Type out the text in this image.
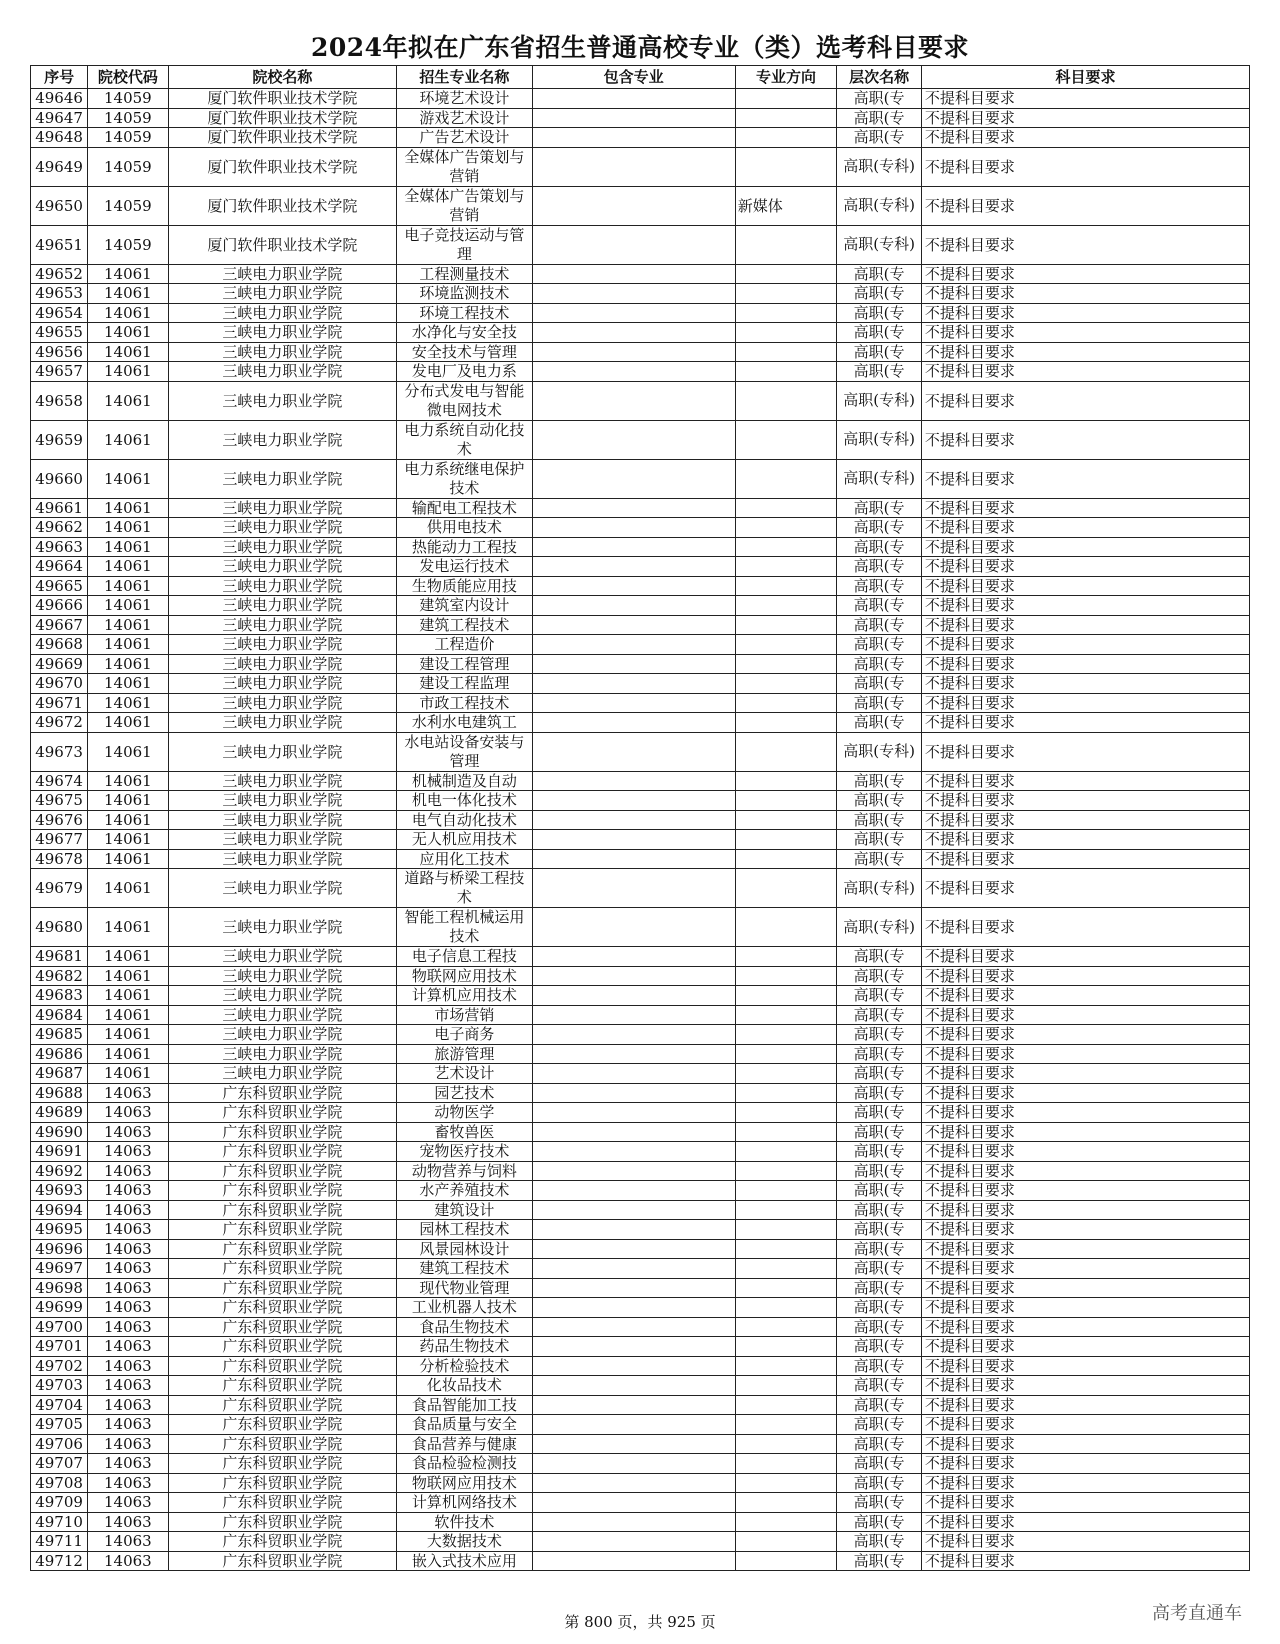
2024年拟在广东省招生普通高校专业（类）选考科目要求
序号	院校代码	院校名称	招生专业名称	包含专业	专业方向	层次名称	科目要求
49646	14059	厦门软件职业技术学院	环境艺术设计			高职(专	不提科目要求
49647	14059	厦门软件职业技术学院	游戏艺术设计			高职(专	不提科目要求
49648	14059	厦门软件职业技术学院	广告艺术设计			高职(专	不提科目要求
49649	14059	厦门软件职业技术学院	全媒体广告策划与营销			高职(专科)	不提科目要求
49650	14059	厦门软件职业技术学院	全媒体广告策划与营销		新媒体	高职(专科)	不提科目要求
49651	14059	厦门软件职业技术学院	电子竞技运动与管理			高职(专科)	不提科目要求
49652	14061	三峡电力职业学院	工程测量技术			高职(专	不提科目要求
49653	14061	三峡电力职业学院	环境监测技术			高职(专	不提科目要求
49654	14061	三峡电力职业学院	环境工程技术			高职(专	不提科目要求
49655	14061	三峡电力职业学院	水净化与安全技			高职(专	不提科目要求
49656	14061	三峡电力职业学院	安全技术与管理			高职(专	不提科目要求
49657	14061	三峡电力职业学院	发电厂及电力系			高职(专	不提科目要求
49658	14061	三峡电力职业学院	分布式发电与智能微电网技术			高职(专科)	不提科目要求
49659	14061	三峡电力职业学院	电力系统自动化技术			高职(专科)	不提科目要求
49660	14061	三峡电力职业学院	电力系统继电保护技术			高职(专科)	不提科目要求
49661	14061	三峡电力职业学院	输配电工程技术			高职(专	不提科目要求
49662	14061	三峡电力职业学院	供用电技术			高职(专	不提科目要求
49663	14061	三峡电力职业学院	热能动力工程技			高职(专	不提科目要求
49664	14061	三峡电力职业学院	发电运行技术			高职(专	不提科目要求
49665	14061	三峡电力职业学院	生物质能应用技			高职(专	不提科目要求
49666	14061	三峡电力职业学院	建筑室内设计			高职(专	不提科目要求
49667	14061	三峡电力职业学院	建筑工程技术			高职(专	不提科目要求
49668	14061	三峡电力职业学院	工程造价			高职(专	不提科目要求
49669	14061	三峡电力职业学院	建设工程管理			高职(专	不提科目要求
49670	14061	三峡电力职业学院	建设工程监理			高职(专	不提科目要求
49671	14061	三峡电力职业学院	市政工程技术			高职(专	不提科目要求
49672	14061	三峡电力职业学院	水利水电建筑工			高职(专	不提科目要求
49673	14061	三峡电力职业学院	水电站设备安装与管理			高职(专科)	不提科目要求
49674	14061	三峡电力职业学院	机械制造及自动			高职(专	不提科目要求
49675	14061	三峡电力职业学院	机电一体化技术			高职(专	不提科目要求
49676	14061	三峡电力职业学院	电气自动化技术			高职(专	不提科目要求
49677	14061	三峡电力职业学院	无人机应用技术			高职(专	不提科目要求
49678	14061	三峡电力职业学院	应用化工技术			高职(专	不提科目要求
49679	14061	三峡电力职业学院	道路与桥梁工程技术			高职(专科)	不提科目要求
49680	14061	三峡电力职业学院	智能工程机械运用技术			高职(专科)	不提科目要求
49681	14061	三峡电力职业学院	电子信息工程技			高职(专	不提科目要求
49682	14061	三峡电力职业学院	物联网应用技术			高职(专	不提科目要求
49683	14061	三峡电力职业学院	计算机应用技术			高职(专	不提科目要求
49684	14061	三峡电力职业学院	市场营销			高职(专	不提科目要求
49685	14061	三峡电力职业学院	电子商务			高职(专	不提科目要求
49686	14061	三峡电力职业学院	旅游管理			高职(专	不提科目要求
49687	14061	三峡电力职业学院	艺术设计			高职(专	不提科目要求
49688	14063	广东科贸职业学院	园艺技术			高职(专	不提科目要求
49689	14063	广东科贸职业学院	动物医学			高职(专	不提科目要求
49690	14063	广东科贸职业学院	畜牧兽医			高职(专	不提科目要求
49691	14063	广东科贸职业学院	宠物医疗技术			高职(专	不提科目要求
49692	14063	广东科贸职业学院	动物营养与饲料			高职(专	不提科目要求
49693	14063	广东科贸职业学院	水产养殖技术			高职(专	不提科目要求
49694	14063	广东科贸职业学院	建筑设计			高职(专	不提科目要求
49695	14063	广东科贸职业学院	园林工程技术			高职(专	不提科目要求
49696	14063	广东科贸职业学院	风景园林设计			高职(专	不提科目要求
49697	14063	广东科贸职业学院	建筑工程技术			高职(专	不提科目要求
49698	14063	广东科贸职业学院	现代物业管理			高职(专	不提科目要求
49699	14063	广东科贸职业学院	工业机器人技术			高职(专	不提科目要求
49700	14063	广东科贸职业学院	食品生物技术			高职(专	不提科目要求
49701	14063	广东科贸职业学院	药品生物技术			高职(专	不提科目要求
49702	14063	广东科贸职业学院	分析检验技术			高职(专	不提科目要求
49703	14063	广东科贸职业学院	化妆品技术			高职(专	不提科目要求
49704	14063	广东科贸职业学院	食品智能加工技			高职(专	不提科目要求
49705	14063	广东科贸职业学院	食品质量与安全			高职(专	不提科目要求
49706	14063	广东科贸职业学院	食品营养与健康			高职(专	不提科目要求
49707	14063	广东科贸职业学院	食品检验检测技			高职(专	不提科目要求
49708	14063	广东科贸职业学院	物联网应用技术			高职(专	不提科目要求
49709	14063	广东科贸职业学院	计算机网络技术			高职(专	不提科目要求
49710	14063	广东科贸职业学院	软件技术			高职(专	不提科目要求
49711	14063	广东科贸职业学院	大数据技术			高职(专	不提科目要求
49712	14063	广东科贸职业学院	嵌入式技术应用			高职(专	不提科目要求
第 800 页，共 925 页	高考直通车
